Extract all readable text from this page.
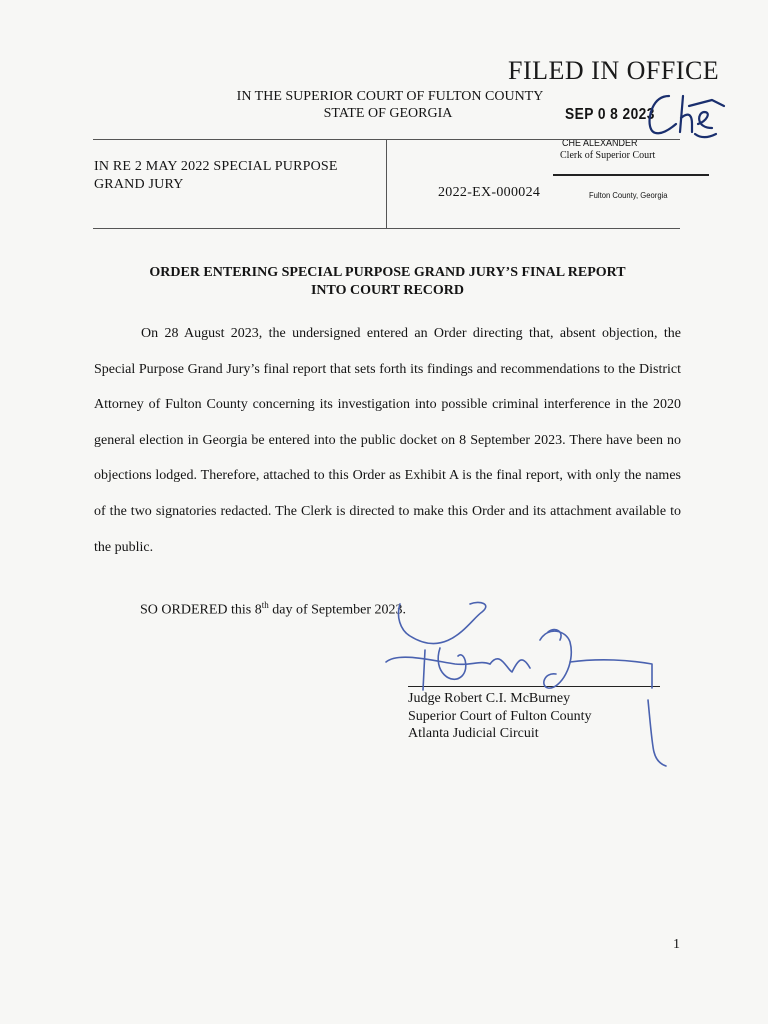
FILED IN OFFICE
SEP 0 8 2023
CHE ALEXANDER
Clerk of Superior Court
Fulton County, Georgia
IN THE SUPERIOR COURT OF FULTON COUNTY
STATE OF GEORGIA
IN RE 2 MAY 2022 SPECIAL PURPOSE
GRAND JURY
2022-EX-000024
ORDER ENTERING SPECIAL PURPOSE GRAND JURY’S FINAL REPORT
INTO COURT RECORD
On 28 August 2023, the undersigned entered an Order directing that, absent objection, the Special Purpose Grand Jury’s final report that sets forth its findings and recommendations to the District Attorney of Fulton County concerning its investigation into possible criminal interference in the 2020 general election in Georgia be entered into the public docket on 8 September 2023. There have been no objections lodged. Therefore, attached to this Order as Exhibit A is the final report, with only the names of the two signatories redacted. The Clerk is directed to make this Order and its attachment available to the public.
SO ORDERED this 8th day of September 2023.
Judge Robert C.I. McBurney
Superior Court of Fulton County
Atlanta Judicial Circuit
1
